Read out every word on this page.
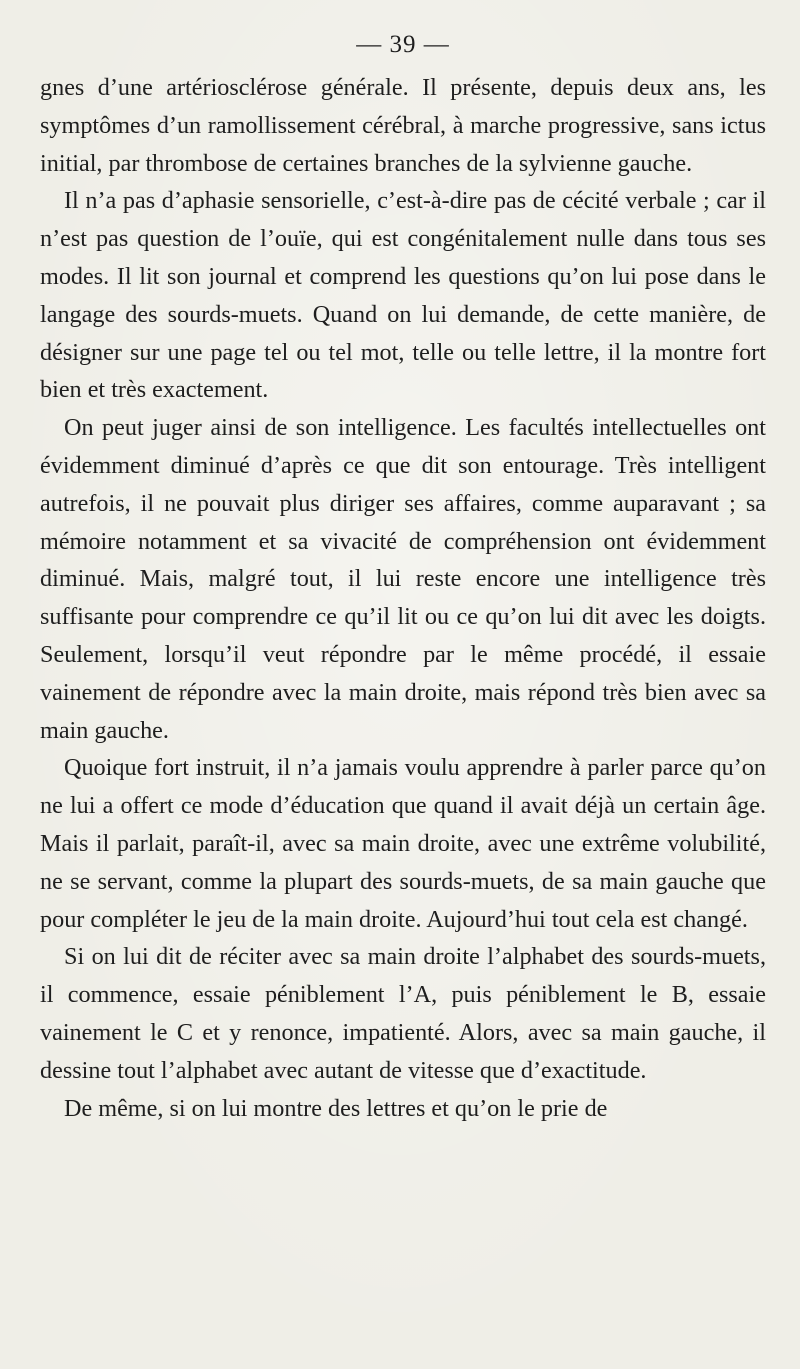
— 39 —

gnes d’une artériosclérose générale. Il présente, depuis deux ans, les symptômes d’un ramollissement cérébral, à marche progressive, sans ictus initial, par thrombose de certaines branches de la sylvienne gauche.

Il n’a pas d’aphasie sensorielle, c’est-à-dire pas de cécité verbale ; car il n’est pas question de l’ouïe, qui est congénitalement nulle dans tous ses modes. Il lit son journal et comprend les questions qu’on lui pose dans le langage des sourds-muets. Quand on lui demande, de cette manière, de désigner sur une page tel ou tel mot, telle ou telle lettre, il la montre fort bien et très exactement.

On peut juger ainsi de son intelligence. Les facultés intellectuelles ont évidemment diminué d’après ce que dit son entourage. Très intelligent autrefois, il ne pouvait plus diriger ses affaires, comme auparavant ; sa mémoire notamment et sa vivacité de compréhension ont évidemment diminué. Mais, malgré tout, il lui reste encore une intelligence très suffisante pour comprendre ce qu’il lit ou ce qu’on lui dit avec les doigts. Seulement, lorsqu’il veut répondre par le même procédé, il essaie vainement de répondre avec la main droite, mais répond très bien avec sa main gauche.

Quoique fort instruit, il n’a jamais voulu apprendre à parler parce qu’on ne lui a offert ce mode d’éducation que quand il avait déjà un certain âge. Mais il parlait, paraît-il, avec sa main droite, avec une extrême volubilité, ne se servant, comme la plupart des sourds-muets, de sa main gauche que pour compléter le jeu de la main droite. Aujourd’hui tout cela est changé.

Si on lui dit de réciter avec sa main droite l’alphabet des sourds-muets, il commence, essaie péniblement l’A, puis péniblement le B, essaie vainement le C et y renonce, impatienté. Alors, avec sa main gauche, il dessine tout l’alphabet avec autant de vitesse que d’exactitude.

De même, si on lui montre des lettres et qu’on le prie de
